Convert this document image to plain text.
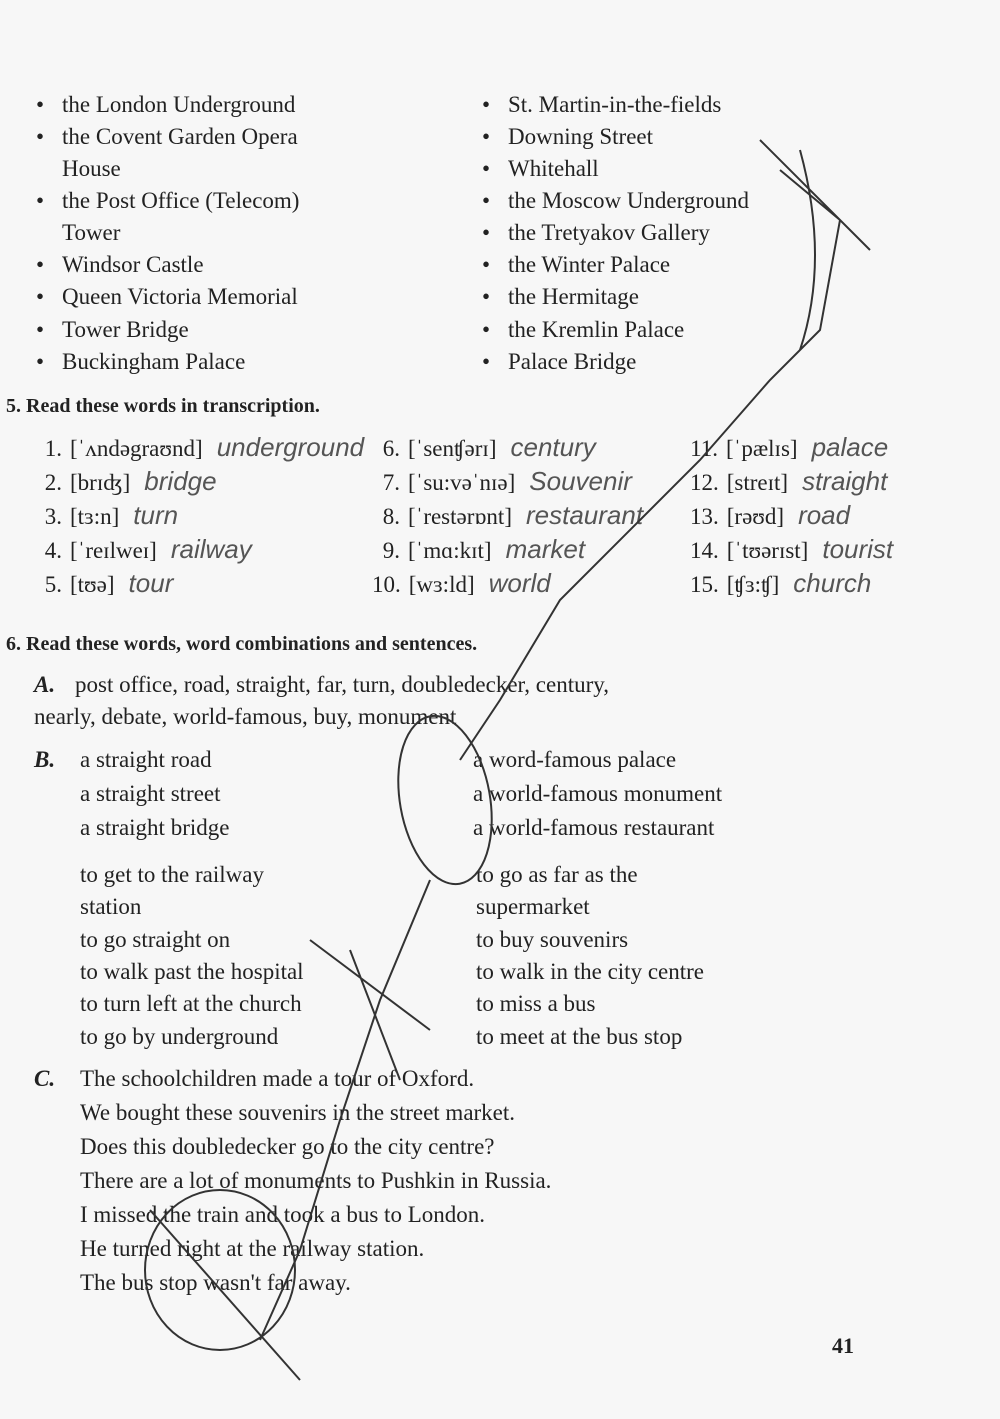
• the London Underground
• the Covent Garden Opera
House
• the Post Office (Telecom)
Tower
• Windsor Castle
• Queen Victoria Memorial
• Tower Bridge
• Buckingham Palace
• St. Martin-in-the-fields
• Downing Street
• Whitehall
• the Moscow Underground
• the Tretyakov Gallery
• the Winter Palace
• the Hermitage
• the Kremlin Palace
• Palace Bridge
5. Read these words in transcription.
1. [ˈʌndəgraʊnd] underground
2. [brɪʤ] bridge
3. [tɜ:n] turn
4. [ˈreɪlweɪ] railway
5. [tʊə] tour
6. [ˈsenʧərɪ] century
7. [ˈsu:vəˈnɪə] Souvenir
8. [ˈrestərɒnt] restaurant
9. [ˈmɑ:kɪt] market
10. [wɜ:ld] world
11. [ˈpælɪs] palace
12. [streɪt] straight
13. [rəʊd] road
14. [ˈtʊərɪst] tourist
15. [ʧɜ:ʧ] church
6. Read these words, word combinations and sentences.
A. post office, road, straight, far, turn, doubledecker, century,
nearly, debate, world-famous, buy, monument
B. a straight road
a straight street
a straight bridge
a word-famous palace
a world-famous monument
a world-famous restaurant
to get to the railway
station
to go straight on
to walk past the hospital
to turn left at the church
to go by underground
to go as far as the
supermarket
to buy souvenirs
to walk in the city centre
to miss a bus
to meet at the bus stop
C. The schoolchildren made a tour of Oxford.
We bought these souvenirs in the street market.
Does this doubledecker go to the city centre?
There are a lot of monuments to Pushkin in Russia.
I missed the train and took a bus to London.
He turned right at the railway station.
The bus stop wasn't far away.
41
